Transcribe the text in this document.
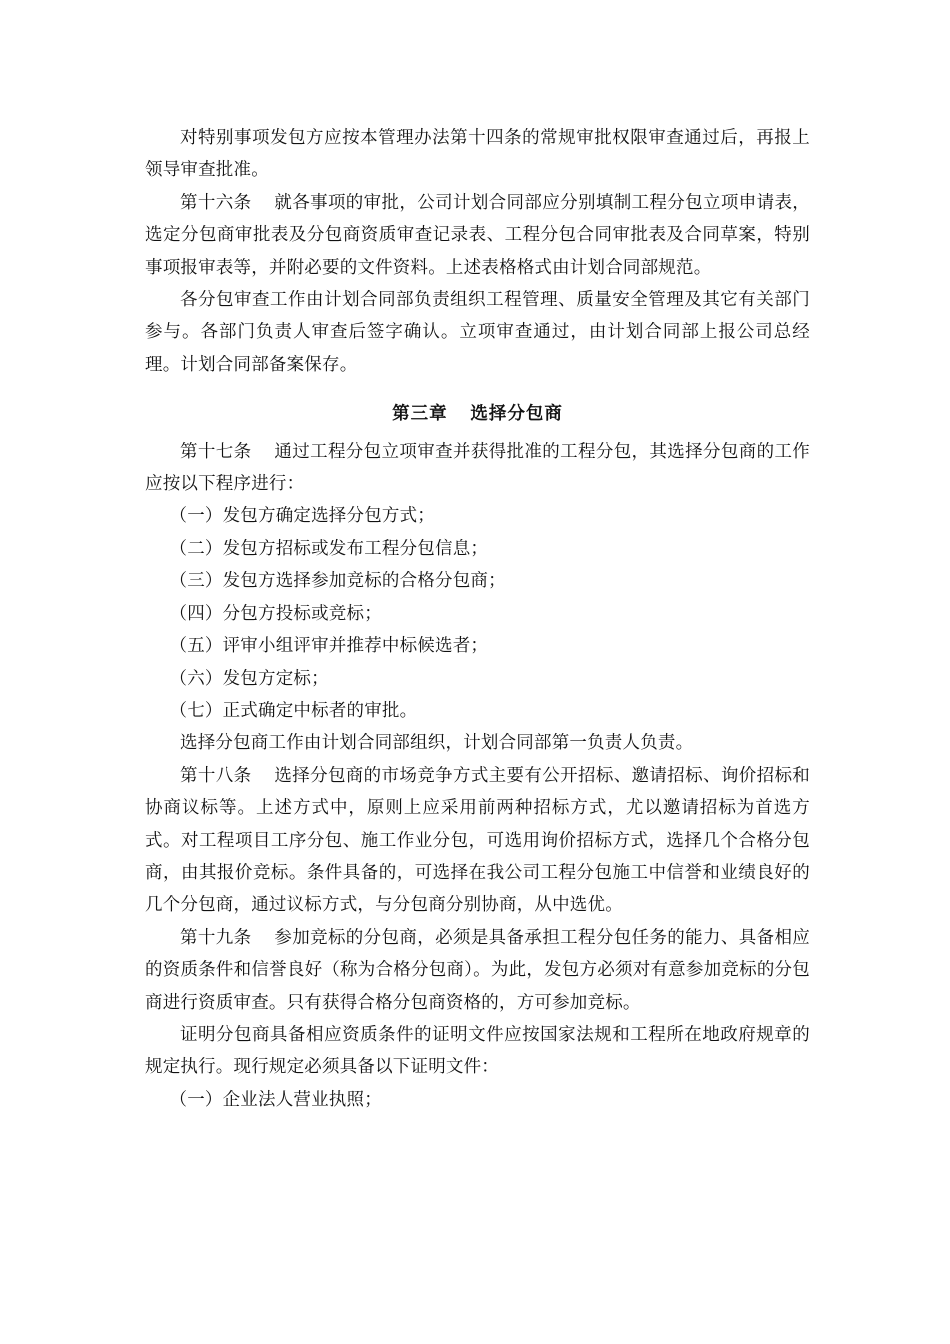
对特别事项发包方应按本管理办法第十四条的常规审批权限审查通过后，再报上领导审查批准。

第十六条 就各事项的审批，公司计划合同部应分别填制工程分包立项申请表，选定分包商审批表及分包商资质审查记录表、工程分包合同审批表及合同草案，特别事项报审表等，并附必要的文件资料。上述表格格式由计划合同部规范。

各分包审查工作由计划合同部负责组织工程管理、质量安全管理及其它有关部门参与。各部门负责人审查后签字确认。立项审查通过，由计划合同部上报公司总经理。计划合同部备案保存。

第三章 选择分包商

第十七条 通过工程分包立项审查并获得批准的工程分包，其选择分包商的工作应按以下程序进行：

（一）发包方确定选择分包方式；

（二）发包方招标或发布工程分包信息；

（三）发包方选择参加竞标的合格分包商；

（四）分包方投标或竞标；

（五）评审小组评审并推荐中标候选者；

（六）发包方定标；

（七）正式确定中标者的审批。

选择分包商工作由计划合同部组织，计划合同部第一负责人负责。

第十八条 选择分包商的市场竞争方式主要有公开招标、邀请招标、询价招标和协商议标等。上述方式中，原则上应采用前两种招标方式，尤以邀请招标为首选方式。对工程项目工序分包、施工作业分包，可选用询价招标方式，选择几个合格分包商，由其报价竞标。条件具备的，可选择在我公司工程分包施工中信誉和业绩良好的几个分包商，通过议标方式，与分包商分别协商，从中选优。

第十九条 参加竞标的分包商，必须是具备承担工程分包任务的能力、具备相应的资质条件和信誉良好（称为合格分包商）。为此，发包方必须对有意参加竞标的分包商进行资质审查。只有获得合格分包商资格的，方可参加竞标。

证明分包商具备相应资质条件的证明文件应按国家法规和工程所在地政府规章的规定执行。现行规定必须具备以下证明文件：

（一）企业法人营业执照；
